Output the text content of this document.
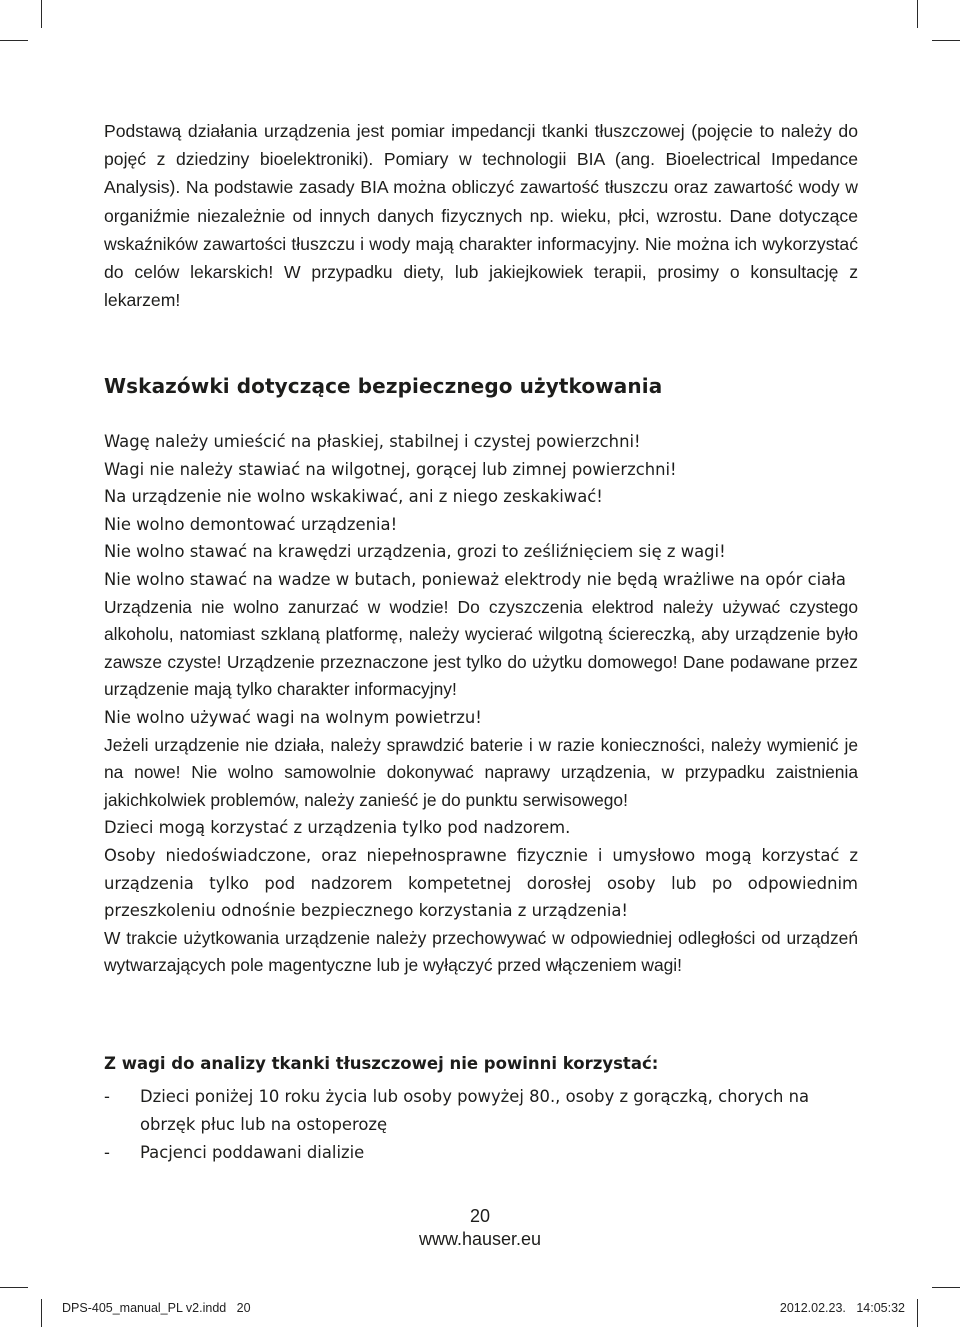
Podstawą działania urządzenia jest pomiar impedancji tkanki tłuszczowej (pojęcie to należy do pojęć z dziedziny bioelektroniki). Pomiary w technologii BIA (ang. Bioelectrical Impedance Analysis). Na podstawie zasady BIA można obliczyć zawartość tłuszczu oraz zawartość wody w organiźmie niezależnie od innych danych fizycznych np. wieku, płci, wzrostu. Dane dotyczące wskaźników zawartości tłuszczu i wody mają charakter informacyjny. Nie można ich wykorzystać do celów lekarskich! W przypadku diety, lub jakiejkowiek terapii, prosimy o konsultację z lekarzem!

Wskazówki dotyczące bezpiecznego użytkowania

Wagę należy umieścić na płaskiej, stabilnej i czystej powierzchni!

Wagi nie należy stawiać na wilgotnej, gorącej lub zimnej powierzchni!

Na urządzenie nie wolno wskakiwać, ani z niego zeskakiwać!

Nie wolno demontować urządzenia!

Nie wolno stawać na krawędzi urządzenia, grozi to ześliźnięciem się z wagi!

Nie wolno stawać na wadze w butach, ponieważ elektrody nie będą wrażliwe na opór ciała

Urządzenia nie wolno zanurzać w wodzie! Do czyszczenia elektrod należy używać czystego alkoholu, natomiast szklaną platformę, należy wycierać wilgotną ściereczką, aby urządzenie było zawsze czyste! Urządzenie przeznaczone jest tylko do użytku domowego! Dane podawane przez urządzenie mają tylko charakter informacyjny!

Nie wolno używać wagi na wolnym powietrzu!

Jeżeli urządzenie nie działa, należy sprawdzić baterie i w razie konieczności, należy wymienić je na nowe! Nie wolno samowolnie dokonywać naprawy urządzenia, w przypadku zaistnienia jakichkolwiek problemów, należy zanieść je do punktu serwisowego!

Dzieci mogą korzystać z urządzenia tylko pod nadzorem.

Osoby niedoświadczone, oraz niepełnosprawne fizycznie i umysłowo mogą korzystać z urządzenia tylko pod nadzorem kompetetnej dorosłej osoby lub po odpowiednim przeszkoleniu odnośnie bezpiecznego korzystania z urządzenia!

W trakcie użytkowania urządzenie należy przechowywać w odpowiedniej odległości od urządzeń wytwarzających pole magentyczne lub je wyłączyć przed włączeniem wagi!

Z wagi do analizy tkanki tłuszczowej nie powinni korzystać:
- Dzieci poniżej 10 roku życia lub osoby powyżej 80., osoby z gorączką, chorych na obrzęk płuc lub na ostoperozę
- Pacjenci poddawani dializie
20
www.hauser.eu
DPS-405_manual_PL v2.indd   20	2012.02.23.   14:05:32
